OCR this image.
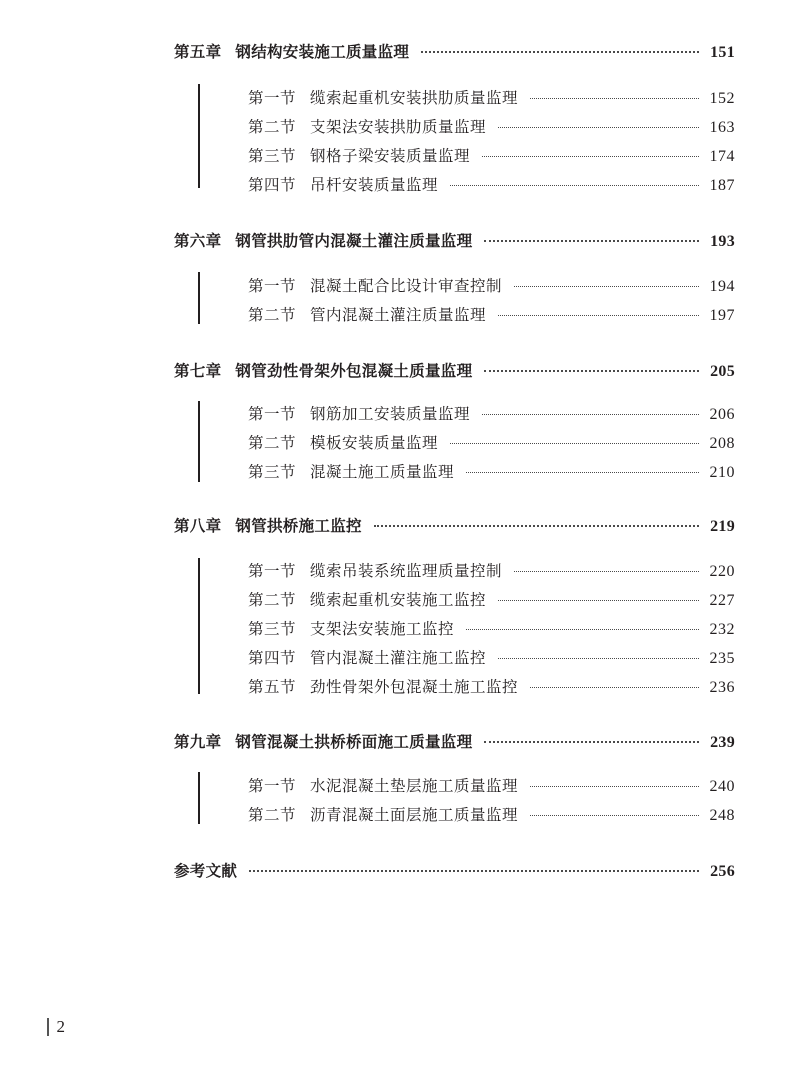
第五章 钢结构安装施工质量监理	151
第一节 缆索起重机安装拱肋质量监理	152
第二节 支架法安装拱肋质量监理	163
第三节 钢格子梁安装质量监理	174
第四节 吊杆安装质量监理	187
第六章 钢管拱肋管内混凝土灌注质量监理	193
第一节 混凝土配合比设计审查控制	194
第二节 管内混凝土灌注质量监理	197
第七章 钢管劲性骨架外包混凝土质量监理	205
第一节 钢筋加工安装质量监理	206
第二节 模板安装质量监理	208
第三节 混凝土施工质量监理	210
第八章 钢管拱桥施工监控	219
第一节 缆索吊装系统监理质量控制	220
第二节 缆索起重机安装施工监控	227
第三节 支架法安装施工监控	232
第四节 管内混凝土灌注施工监控	235
第五节 劲性骨架外包混凝土施工监控	236
第九章 钢管混凝土拱桥桥面施工质量监理	239
第一节 水泥混凝土垫层施工质量监理	240
第二节 沥青混凝土面层施工质量监理	248
参考文献	256
2
